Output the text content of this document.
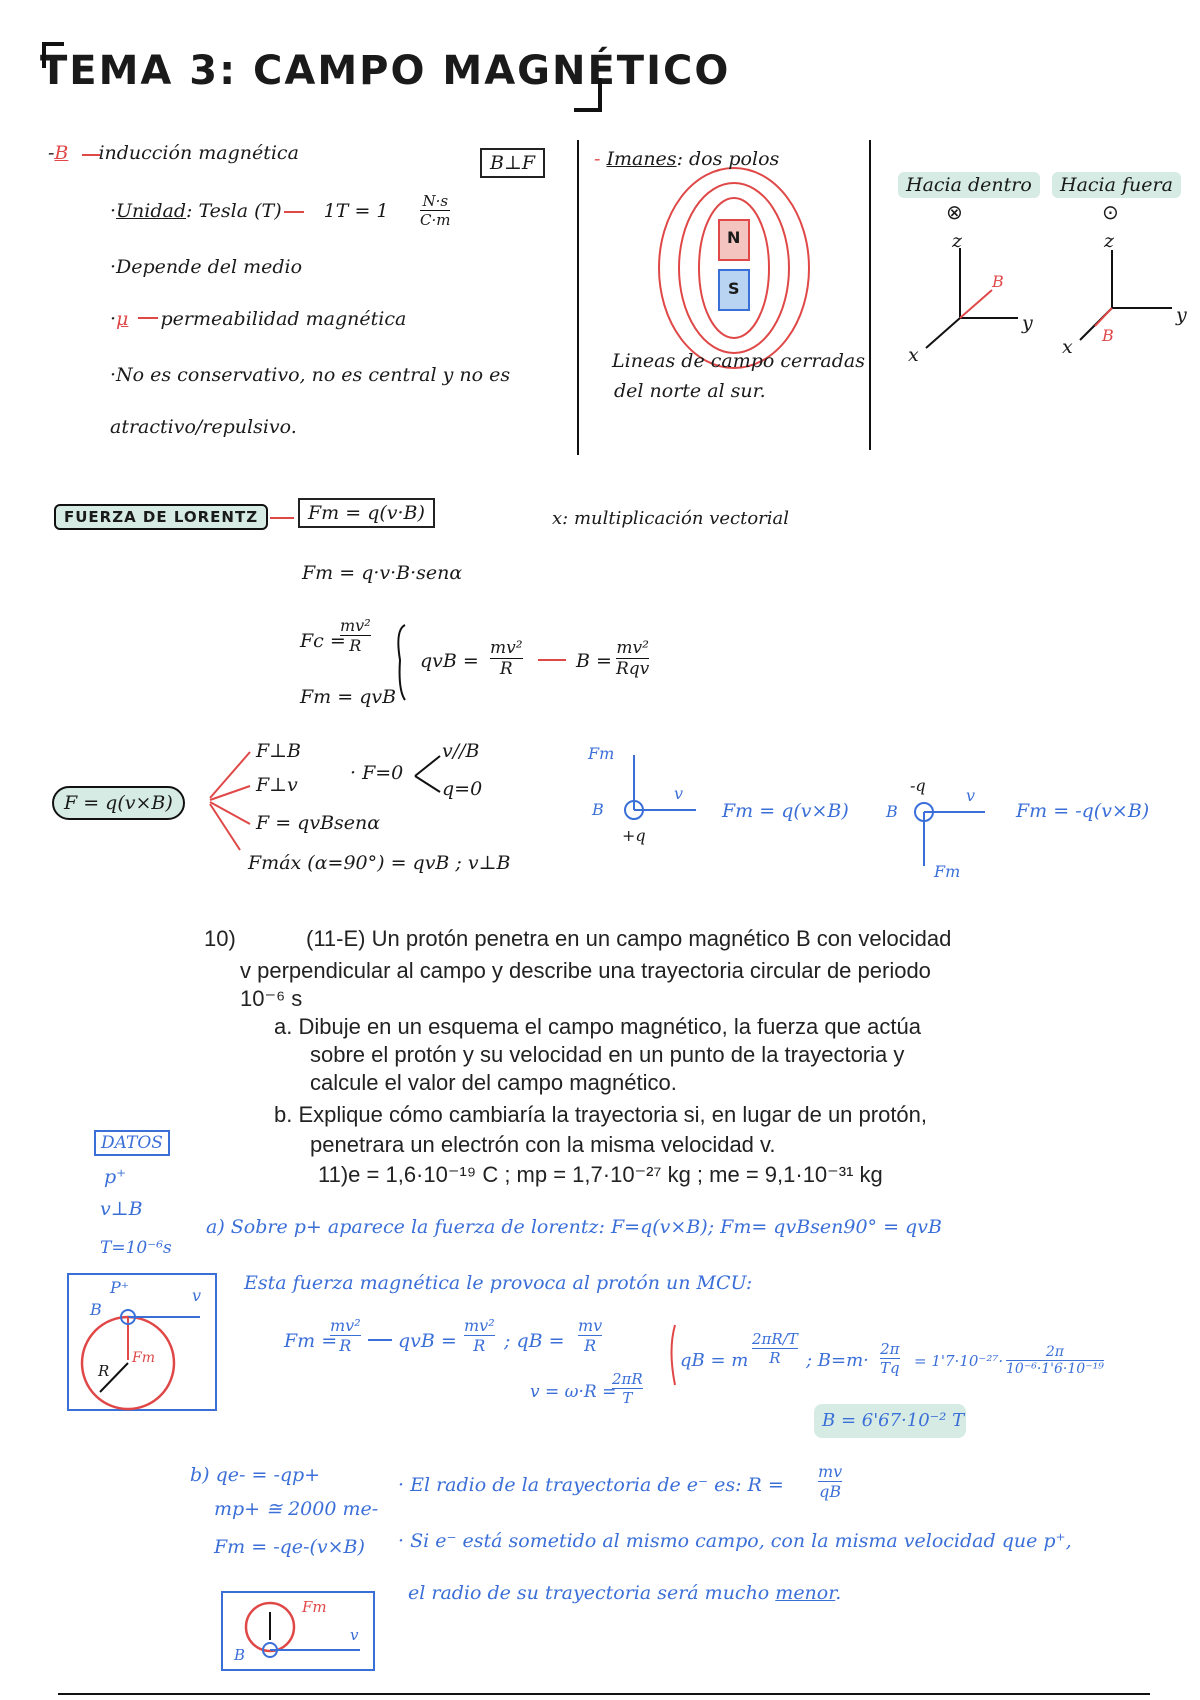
TEMA 3: CAMPO MAGNÉTICO
-B inducción magnética	B⊥F
·Unidad: Tesla (T) 1T = 1 N·s
C·m
·Depende del medio
·μ permeabilidad magnética
·No es conservativo, no es central y no es
atractivo/repulsivo.
- Imanes: dos polos
N
S
Lineas de campo cerradas
del norte al sur.
Hacia dentro	Hacia fuera
⊗	⊙
z
y
x
B
z
y
x
B
FUERZA DE LORENTZ	Fm = q(v·B)	x: multiplicación vectorial
Fm = q·v·B·senα
Fc =
mv²
R
Fm = qvB
qvB =
mv²
R	B =
mv²
Rqv
F = q(v×B)
F⊥B
F⊥v
F = qvBsenα
Fmáx (α=90°) = qvB ; v⊥B
· F=0
v//B
q=0
Fm
B
v
+q
Fm = q(v×B)
-q
B
v
Fm
Fm = -q(v×B)
10)	(11-E) Un protón penetra en un campo magnético B con velocidad
v perpendicular al campo y describe una trayectoria circular de periodo
10⁻⁶ s
a. Dibuje en un esquema el campo magnético, la fuerza que actúa
sobre el protón y su velocidad en un punto de la trayectoria y
calcule el valor del campo magnético.
b. Explique cómo cambiaría la trayectoria si, en lugar de un protón,
penetrara un electrón con la misma velocidad v.
11)e = 1,6·10⁻¹⁹ C ; mp = 1,7·10⁻²⁷ kg ; me = 9,1·10⁻³¹ kg
DATOS
p⁺
v⊥B
T=10⁻⁶s
a) Sobre p+ aparece la fuerza de lorentz: F=q(v×B); Fm= qvBsen90° = qvB
Esta fuerza magnética le provoca al protón un MCU:
P⁺
B
v
R
Fm
Fm =
mv²
R	qvB =
mv²
R ; qB =
mv
R
v = ω·R =
2πR
T
qB = m
2πR/T
R	; B=m·
2π
Tq = 1'7·10⁻²⁷·	2π
10⁻⁶·1'6·10⁻¹⁹
B = 6'67·10⁻² T
b) qe- = -qp+
mp+ ≅ 2000 me-
Fm = -qe-(v×B)
· El radio de la trayectoria de e⁻ es: R =
mv
qB
· Si e⁻ está sometido al mismo campo, con la misma velocidad que p⁺,
el radio de su trayectoria será mucho menor.
Fm
B
v
